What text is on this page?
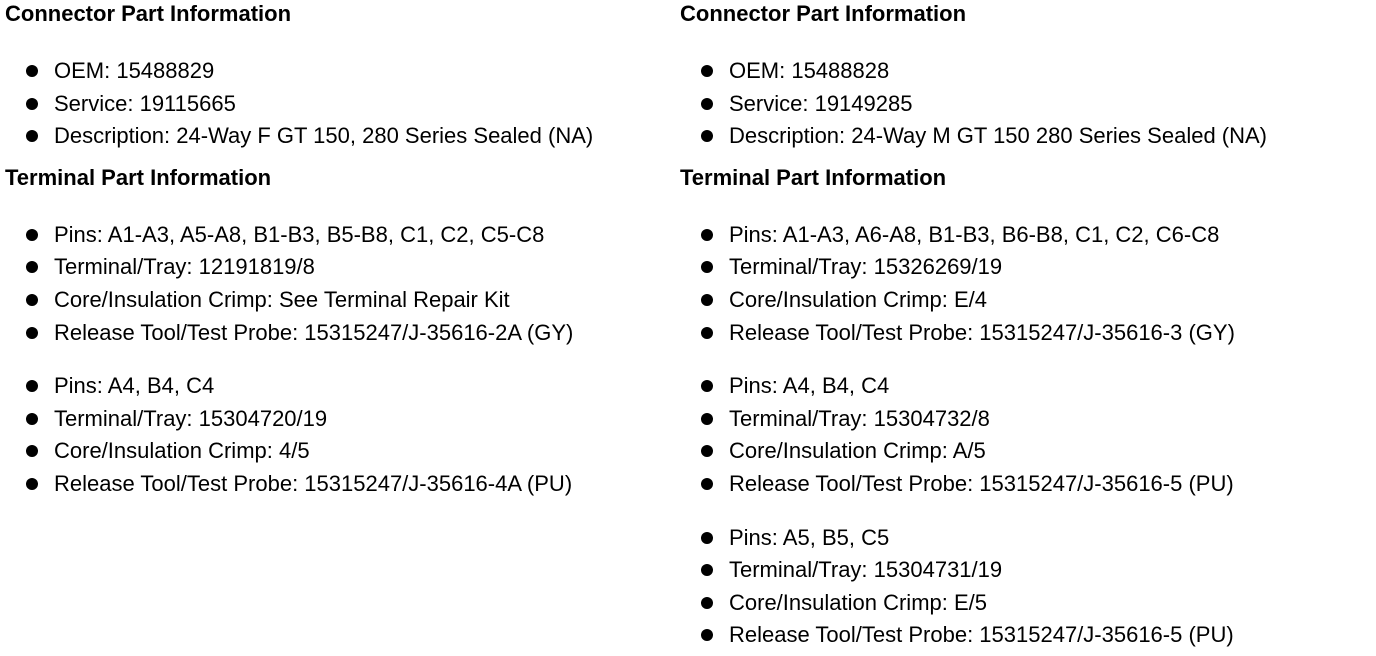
Connector Part Information
OEM: 15488829
Service: 19115665
Description: 24-Way F GT 150, 280 Series Sealed (NA)
Terminal Part Information
Pins: A1-A3, A5-A8, B1-B3, B5-B8, C1, C2, C5-C8
Terminal/Tray: 12191819/8
Core/Insulation Crimp: See Terminal Repair Kit
Release Tool/Test Probe: 15315247/J-35616-2A (GY)
Pins: A4, B4, C4
Terminal/Tray: 15304720/19
Core/Insulation Crimp: 4/5
Release Tool/Test Probe: 15315247/J-35616-4A (PU)
Connector Part Information
OEM: 15488828
Service: 19149285
Description: 24-Way M GT 150 280 Series Sealed (NA)
Terminal Part Information
Pins: A1-A3, A6-A8, B1-B3, B6-B8, C1, C2, C6-C8
Terminal/Tray: 15326269/19
Core/Insulation Crimp: E/4
Release Tool/Test Probe: 15315247/J-35616-3 (GY)
Pins: A4, B4, C4
Terminal/Tray: 15304732/8
Core/Insulation Crimp: A/5
Release Tool/Test Probe: 15315247/J-35616-5 (PU)
Pins: A5, B5, C5
Terminal/Tray: 15304731/19
Core/Insulation Crimp: E/5
Release Tool/Test Probe: 15315247/J-35616-5 (PU)
